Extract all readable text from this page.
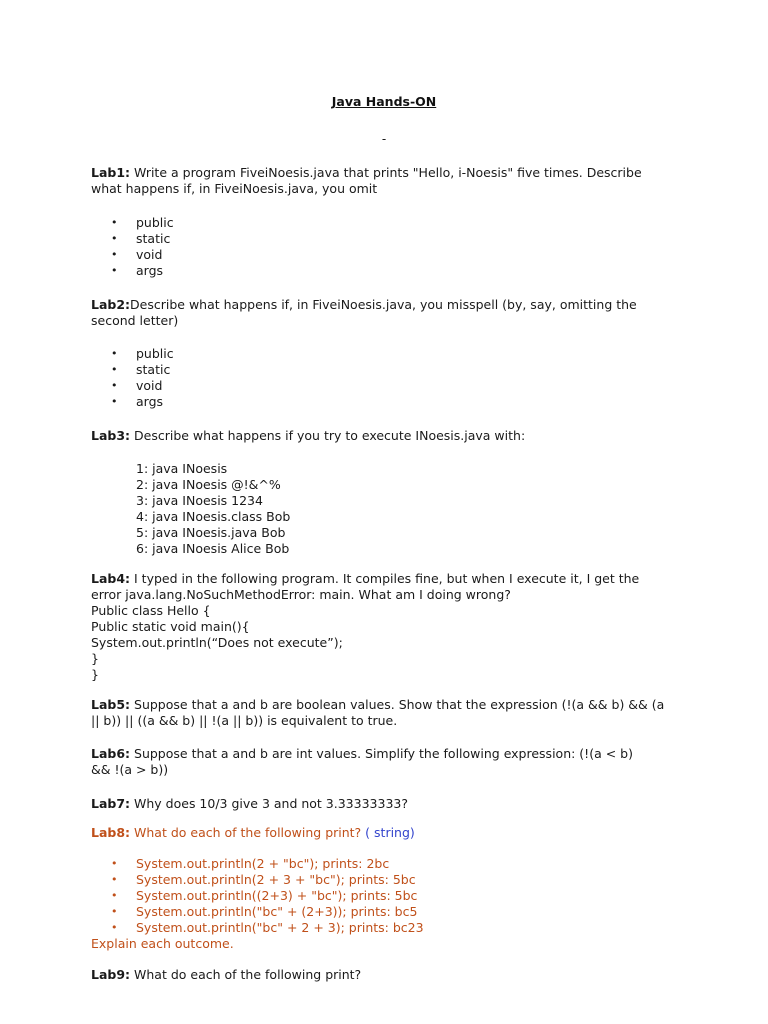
Java Hands-ON
-
Lab1: Write a program FiveiNoesis.java that prints "Hello, i-Noesis" five times. Describe
what happens if, in FiveiNoesis.java, you omit
• public
• static
• void
• args
Lab2:Describe what happens if, in FiveiNoesis.java, you misspell (by, say, omitting the
second letter)
• public
• static
• void
• args
Lab3: Describe what happens if you try to execute INoesis.java with:
1: java INoesis
2: java INoesis @!&^%
3: java INoesis 1234
4: java INoesis.class Bob
5: java INoesis.java Bob
6: java INoesis Alice Bob
Lab4: I typed in the following program. It compiles fine, but when I execute it, I get the
error java.lang.NoSuchMethodError: main. What am I doing wrong?
Public class Hello {
Public static void main(){
System.out.println(“Does not execute”);
}
}
Lab5: Suppose that a and b are boolean values. Show that the expression (!(a && b) && (a
|| b)) || ((a && b) || !(a || b)) is equivalent to true.
Lab6: Suppose that a and b are int values. Simplify the following expression: (!(a < b)
&& !(a > b))
Lab7: Why does 10/3 give 3 and not 3.33333333?
Lab8: What do each of the following print? ( string)
• System.out.println(2 + "bc"); prints: 2bc
• System.out.println(2 + 3 + "bc"); prints: 5bc
• System.out.println((2+3) + "bc"); prints: 5bc
• System.out.println("bc" + (2+3)); prints: bc5
• System.out.println("bc" + 2 + 3); prints: bc23
Explain each outcome.
Lab9: What do each of the following print?
